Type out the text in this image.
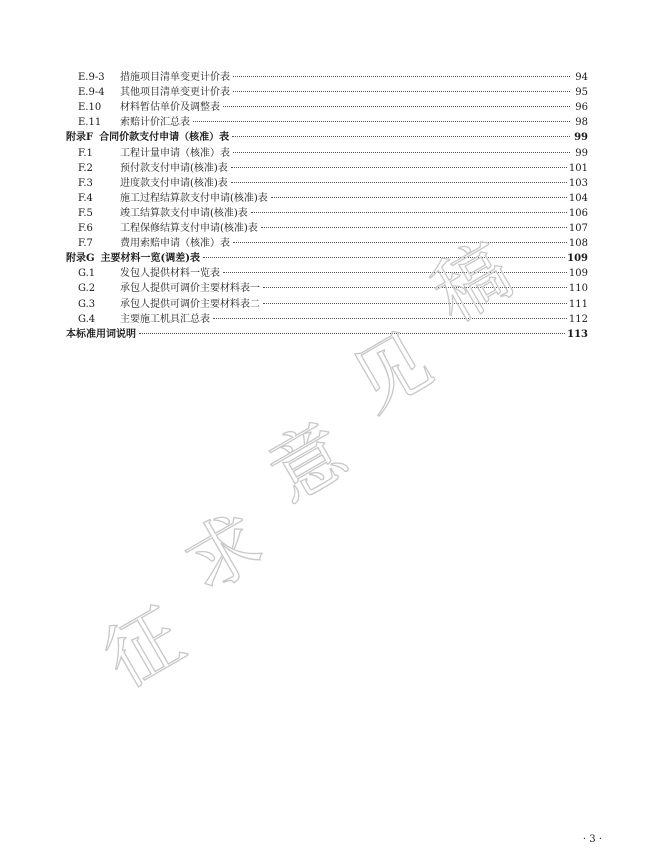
E.9-3	措施项目清单变更计价表	94
E.9-4	其他项目清单变更计价表	95
E.10	材料暂估单价及调整表	96
E.11	索赔计价汇总表	98
附录F 合同价款支付申请（核准）表	99
F.1	工程计量申请（核准）表	99
F.2	预付款支付申请(核准)表	101
F.3	进度款支付申请(核准)表	103
F.4	施工过程结算款支付申请(核准)表	104
F.5	竣工结算款支付申请(核准)表	106
F.6	工程保修结算支付申请(核准)表	107
F.7	费用索赔申请（核准）表	108
附录G 主要材料一览(调差)表	109
G.1	发包人提供材料一览表	109
G.2	承包人提供可调价主要材料表一	110
G.3	承包人提供可调价主要材料表二	111
G.4	主要施工机具汇总表	112
本标准用词说明	113
征
求
意
见
稿
· 3 ·
